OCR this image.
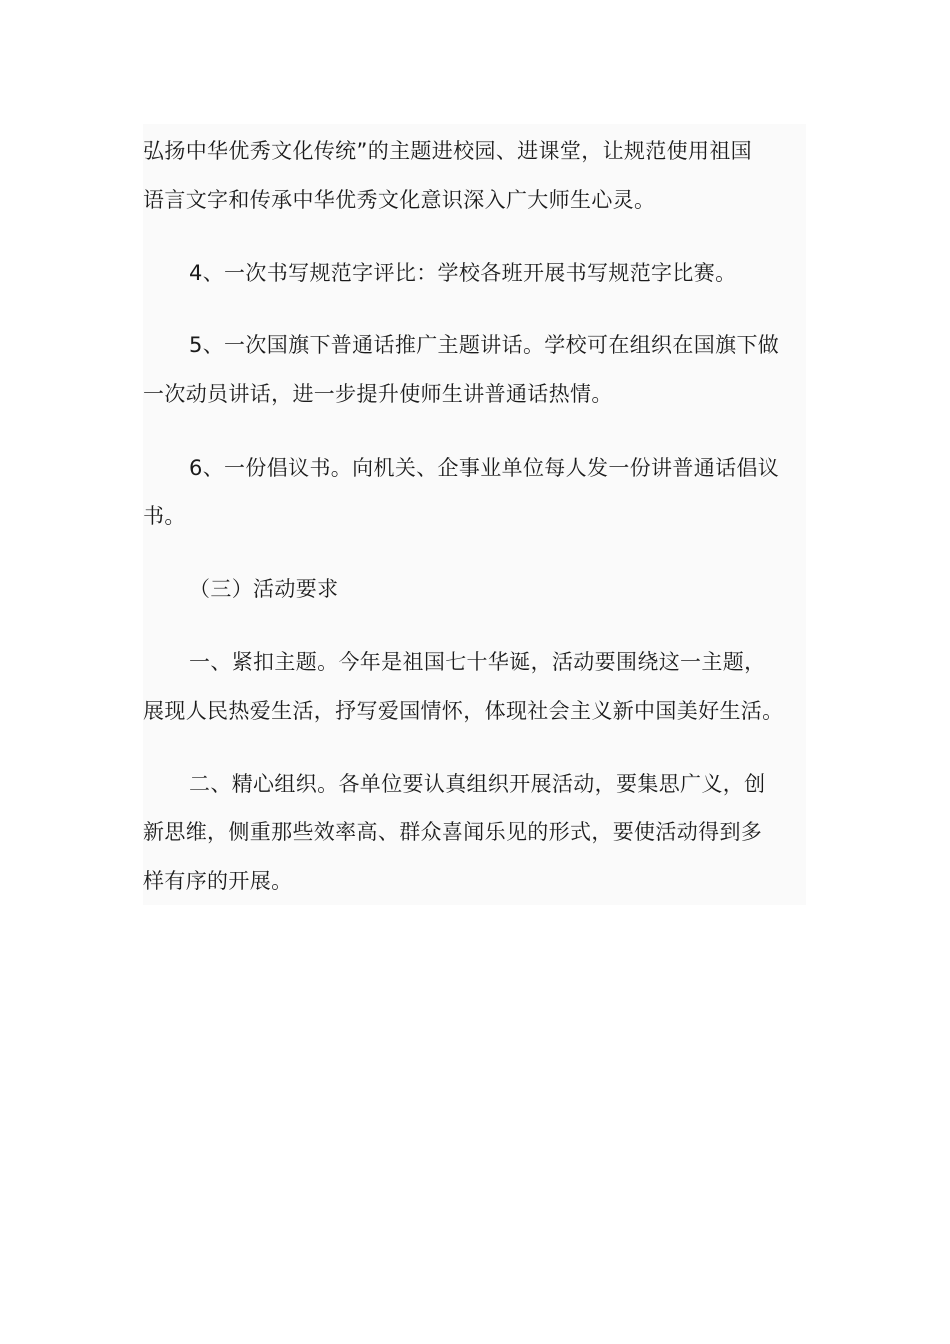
弘扬中华优秀文化传统”的主题进校园、进课堂，让规范使用祖国
语言文字和传承中华优秀文化意识深入广大师生心灵。
4、一次书写规范字评比：学校各班开展书写规范字比赛。
5、一次国旗下普通话推广主题讲话。学校可在组织在国旗下做
一次动员讲话，进一步提升使师生讲普通话热情。
6、一份倡议书。向机关、企事业单位每人发一份讲普通话倡议
书。
（三）活动要求
一、紧扣主题。今年是祖国七十华诞，活动要围绕这一主题，
展现人民热爱生活，抒写爱国情怀，体现社会主义新中国美好生活。
二、精心组织。各单位要认真组织开展活动，要集思广义，创
新思维，侧重那些效率高、群众喜闻乐见的形式，要使活动得到多
样有序的开展。
